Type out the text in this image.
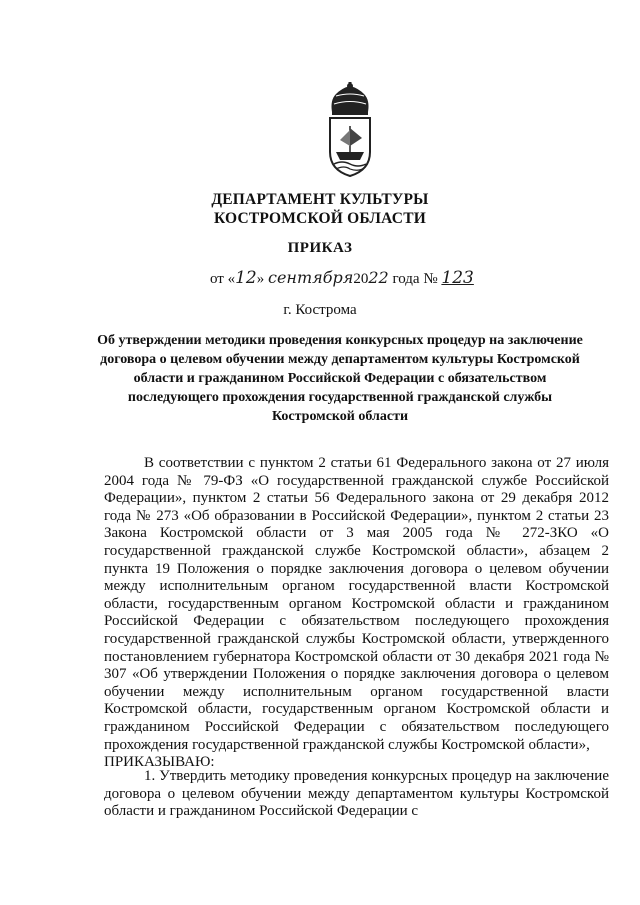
ДЕПАРТАМЕНТ КУЛЬТУРЫ
КОСТРОМСКОЙ ОБЛАСТИ
ПРИКАЗ
от «12» сентября2022 года № 123
г. Кострома
Об утверждении методики проведения конкурсных процедур на заключение договора о целевом обучении между департаментом культуры Костромской области и гражданином Российской Федерации с обязательством последующего прохождения государственной гражданской службы Костромской области

В соответствии с пунктом 2 статьи 61 Федерального закона от 27 июля 2004 года № 79-ФЗ «О государственной гражданской службе Российской Федерации», пунктом 2 статьи 56 Федерального закона от 29 декабря 2012 года № 273 «Об образовании в Российской Федерации», пунктом 2 статьи 23 Закона Костромской области от 3 мая 2005 года № 272-ЗКО «О государственной гражданской службе Костромской области», абзацем 2 пункта 19 Положения о порядке заключения договора о целевом обучении между исполнительным органом государственной власти Костромской области, государственным органом Костромской области и гражданином Российской Федерации с обязательством последующего прохождения государственной гражданской службы Костромской области, утвержденного постановлением губернатора Костромской области от 30 декабря 2021 года № 307 «Об утверждении Положения о порядке заключения договора о целевом обучении между исполнительным органом государственной власти Костромской области, государственным органом Костромской области и гражданином Российской Федерации с обязательством последующего прохождения государственной гражданской службы Костромской области»,

ПРИКАЗЫВАЮ:

1. Утвердить методику проведения конкурсных процедур на заключение договора о целевом обучении между департаментом культуры Костромской области и гражданином Российской Федерации с
